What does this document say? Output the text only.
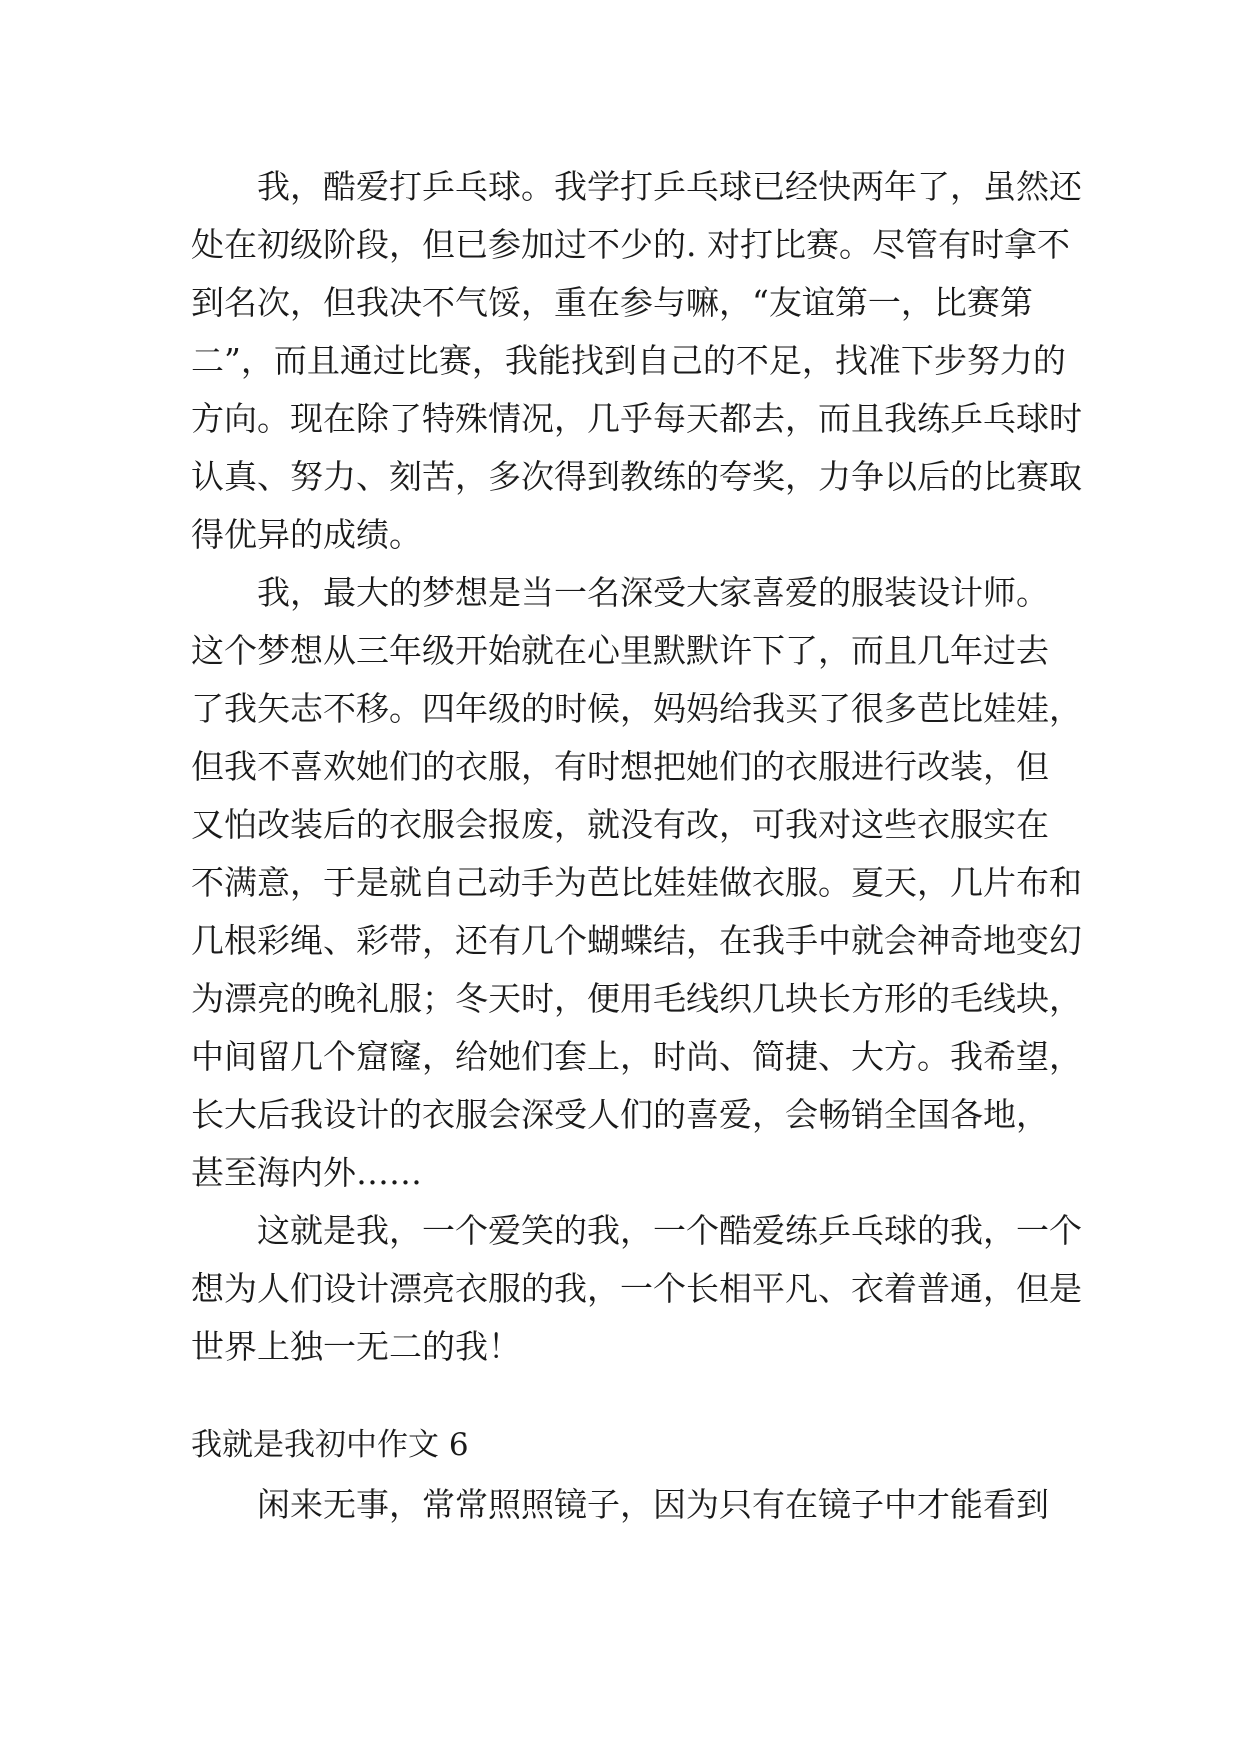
我，酷爱打乒乓球。我学打乒乓球已经快两年了，虽然还
处在初级阶段，但已参加过不少的. 对打比赛。尽管有时拿不
到名次，但我决不气馁，重在参与嘛，“友谊第一，比赛第
二”，而且通过比赛，我能找到自己的不足，找准下步努力的
方向。现在除了特殊情况，几乎每天都去，而且我练乒乓球时
认真、努力、刻苦，多次得到教练的夸奖，力争以后的比赛取
得优异的成绩。
我，最大的梦想是当一名深受大家喜爱的服装设计师。
这个梦想从三年级开始就在心里默默许下了，而且几年过去
了我矢志不移。四年级的时候，妈妈给我买了很多芭比娃娃，
但我不喜欢她们的衣服，有时想把她们的衣服进行改装，但
又怕改装后的衣服会报废，就没有改，可我对这些衣服实在
不满意，于是就自己动手为芭比娃娃做衣服。夏天，几片布和
几根彩绳、彩带，还有几个蝴蝶结，在我手中就会神奇地变幻
为漂亮的晚礼服；冬天时，便用毛线织几块长方形的毛线块，
中间留几个窟窿，给她们套上，时尚、简捷、大方。我希望，
长大后我设计的衣服会深受人们的喜爱，会畅销全国各地，
甚至海内外……
这就是我，一个爱笑的我，一个酷爱练乒乓球的我，一个
想为人们设计漂亮衣服的我，一个长相平凡、衣着普通，但是
世界上独一无二的我！
我就是我初中作文 6
闲来无事，常常照照镜子，因为只有在镜子中才能看到
